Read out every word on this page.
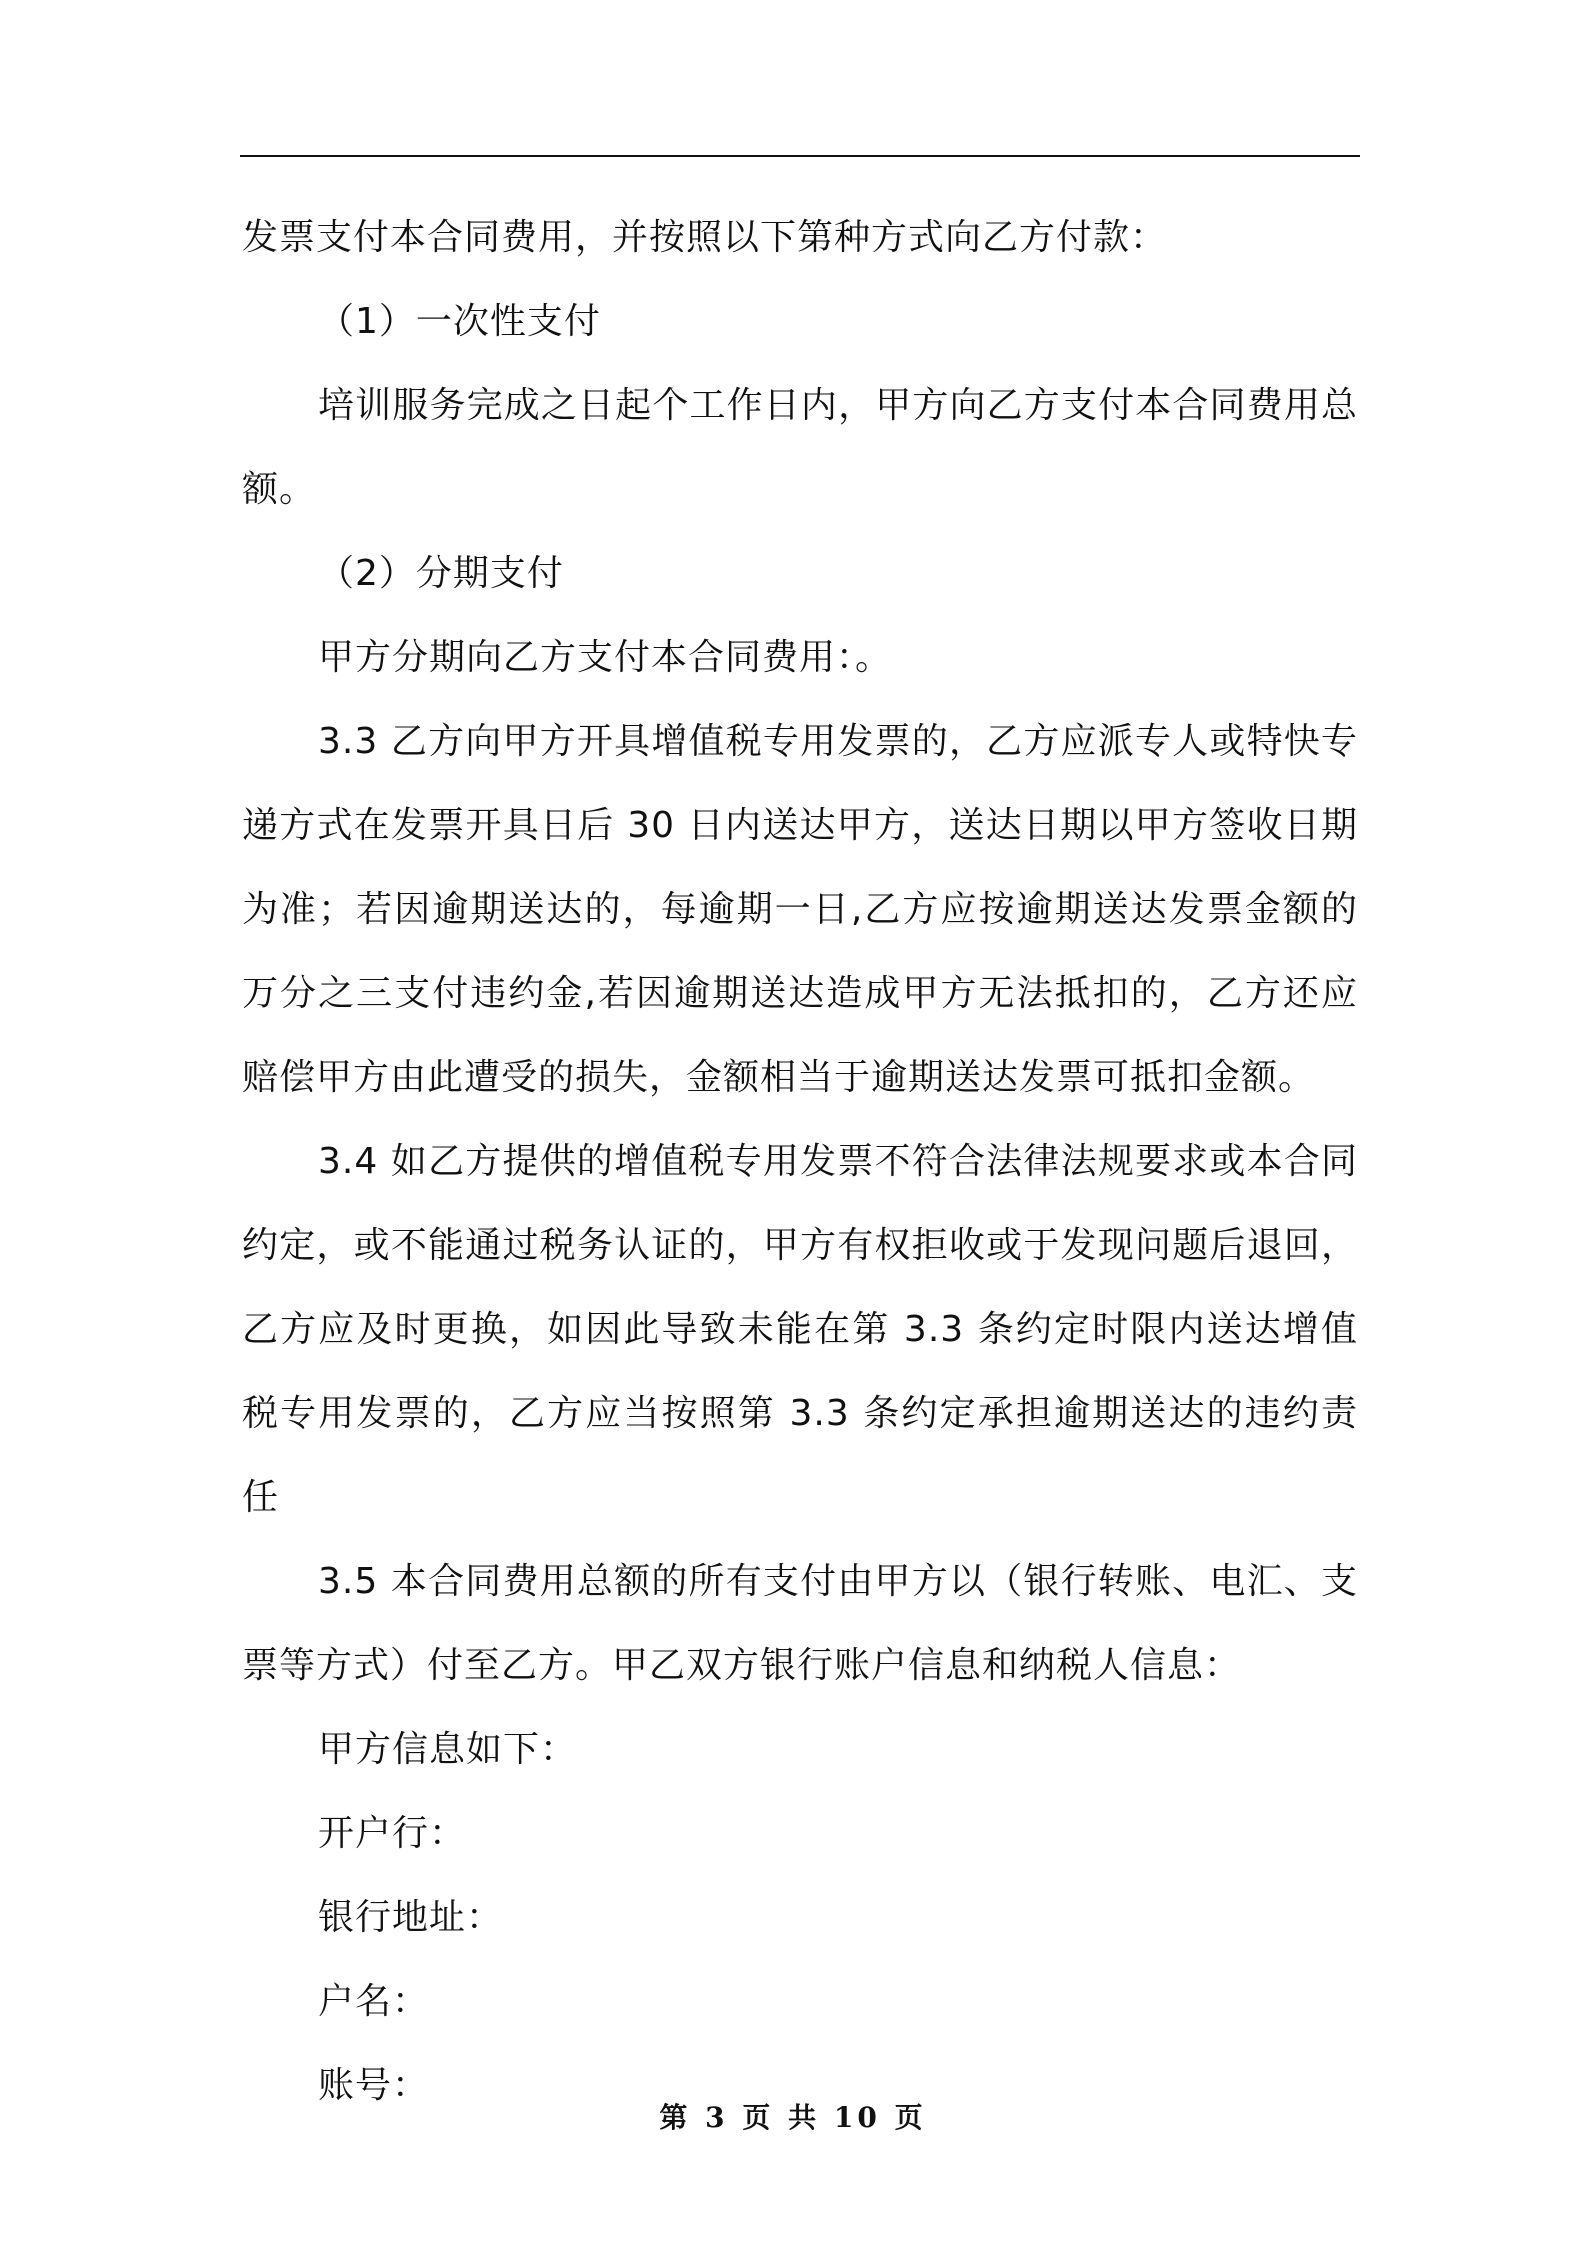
发票支付本合同费用，并按照以下第种方式向乙方付款：

（1）一次性支付

培训服务完成之日起个工作日内，甲方向乙方支付本合同费用总额。

（2）分期支付

甲方分期向乙方支付本合同费用：。

3.3 乙方向甲方开具增值税专用发票的，乙方应派专人或特快专递方式在发票开具日后 30 日内送达甲方，送达日期以甲方签收日期为准；若因逾期送达的，每逾期一日,乙方应按逾期送达发票金额的万分之三支付违约金,若因逾期送达造成甲方无法抵扣的，乙方还应赔偿甲方由此遭受的损失，金额相当于逾期送达发票可抵扣金额。

3.4 如乙方提供的增值税专用发票不符合法律法规要求或本合同约定，或不能通过税务认证的，甲方有权拒收或于发现问题后退回，乙方应及时更换，如因此导致未能在第 3.3 条约定时限内送达增值税专用发票的，乙方应当按照第 3.3 条约定承担逾期送达的违约责任

3.5 本合同费用总额的所有支付由甲方以（银行转账、电汇、支票等方式）付至乙方。甲乙双方银行账户信息和纳税人信息：

甲方信息如下：

开户行：

银行地址：

户名：

账号：

第 3 页 共 10 页
